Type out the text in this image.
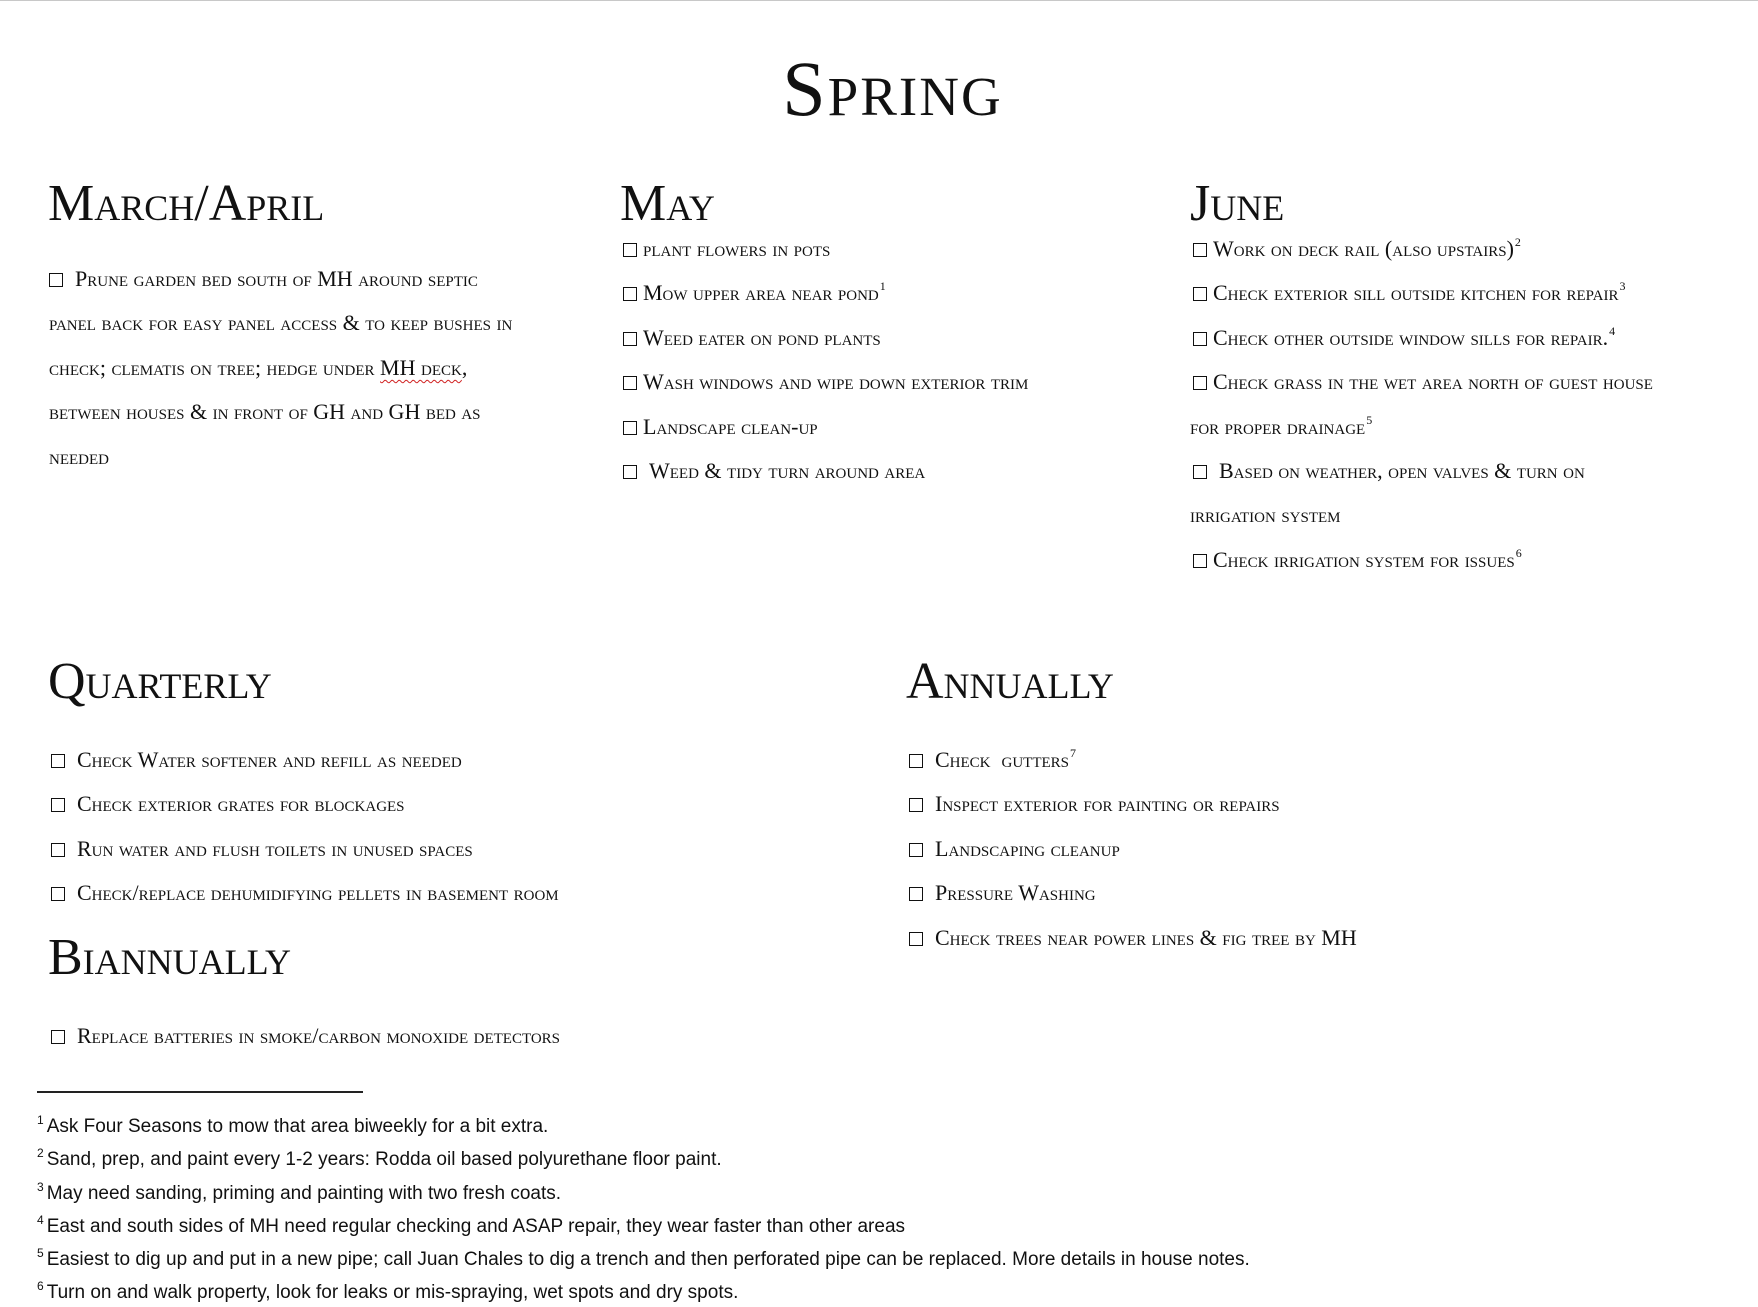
Spring
March/April
Prune garden bed south of MH around septic
panel back for easy panel access & to keep bushes in
check; clematis on tree; hedge under MH deck,
between houses & in front of GH and GH bed as
needed
May
plant flowers in pots
Mow upper area near pond$^1$
Weed eater on pond plants
Wash windows and wipe down exterior trim
Landscape clean-up
Weed & tidy turn around area
June
Work on deck rail (also upstairs)$^2$
Check exterior sill outside kitchen for repair$^3$
Check other outside window sills for repair.$^4$
Check grass in the wet area north of guest house
for proper drainage$^5$
Based on weather, open valves & turn on
irrigation system
Check irrigation system for issues$^6$
Quarterly
Check Water softener and refill as needed
Check exterior grates for blockages
Run water and flush toilets in unused spaces
Check/replace dehumidifying pellets in basement room
Annually
Check  gutters$^7$
Inspect exterior for painting or repairs
Landscaping cleanup
Pressure Washing
Check trees near power lines & fig tree by MH
Biannually
Replace batteries in smoke/carbon monoxide detectors
$^1$ Ask Four Seasons to mow that area biweekly for a bit extra.
$^2$ Sand, prep, and paint every 1-2 years: Rodda oil based polyurethane floor paint.
$^3$ May need sanding, priming and painting with two fresh coats.
$^4$ East and south sides of MH need regular checking and ASAP repair, they wear faster than other areas
$^5$ Easiest to dig up and put in a new pipe; call Juan Chales to dig a trench and then perforated pipe can be replaced. More details in house notes.
$^6$ Turn on and walk property, look for leaks or mis-spraying, wet spots and dry spots.
